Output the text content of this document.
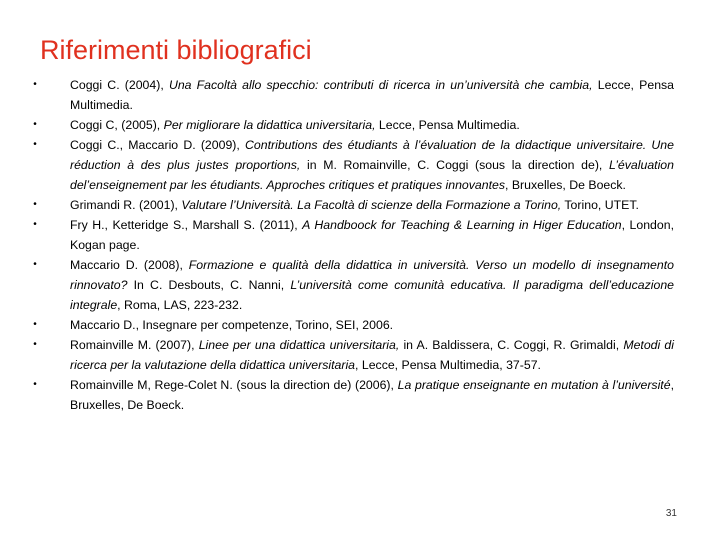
Riferimenti bibliografici
•	Coggi C. (2004), Una Facoltà allo specchio: contributi di ricerca in un’università che cambia, Lecce, Pensa Multimedia.
•	Coggi C, (2005), Per migliorare la didattica universitaria, Lecce, Pensa Multimedia.
•	Coggi C., Maccario D. (2009), Contributions des étudiants à l’évaluation de la didactique universitaire. Une réduction à des plus justes proportions, in M. Romainville, C. Coggi (sous la direction de), L’évaluation del’enseignement par les étudiants. Approches critiques et pratiques innovantes, Bruxelles, De Boeck.
•	Grimandi R. (2001), Valutare l’Università. La Facoltà di scienze della Formazione a Torino, Torino, UTET.
•	Fry H., Ketteridge S., Marshall S. (2011), A Handboock for Teaching & Learning in Higer Education, London, Kogan page.
•	Maccario D. (2008), Formazione e qualità della didattica in università. Verso un modello di insegnamento rinnovato? In C. Desbouts, C. Nanni, L’università come comunità educativa. Il paradigma dell’educazione integrale, Roma, LAS, 223-232.
•	Maccario D., Insegnare per competenze, Torino, SEI, 2006.
•	Romainville M. (2007), Linee per una didattica universitaria, in A. Baldissera, C. Coggi, R. Grimaldi, Metodi di ricerca per la valutazione della didattica universitaria, Lecce, Pensa Multimedia, 37-57.
•	Romainville M, Rege-Colet N. (sous la direction de) (2006), La pratique enseignante en mutation à l’université, Bruxelles, De Boeck.
31
